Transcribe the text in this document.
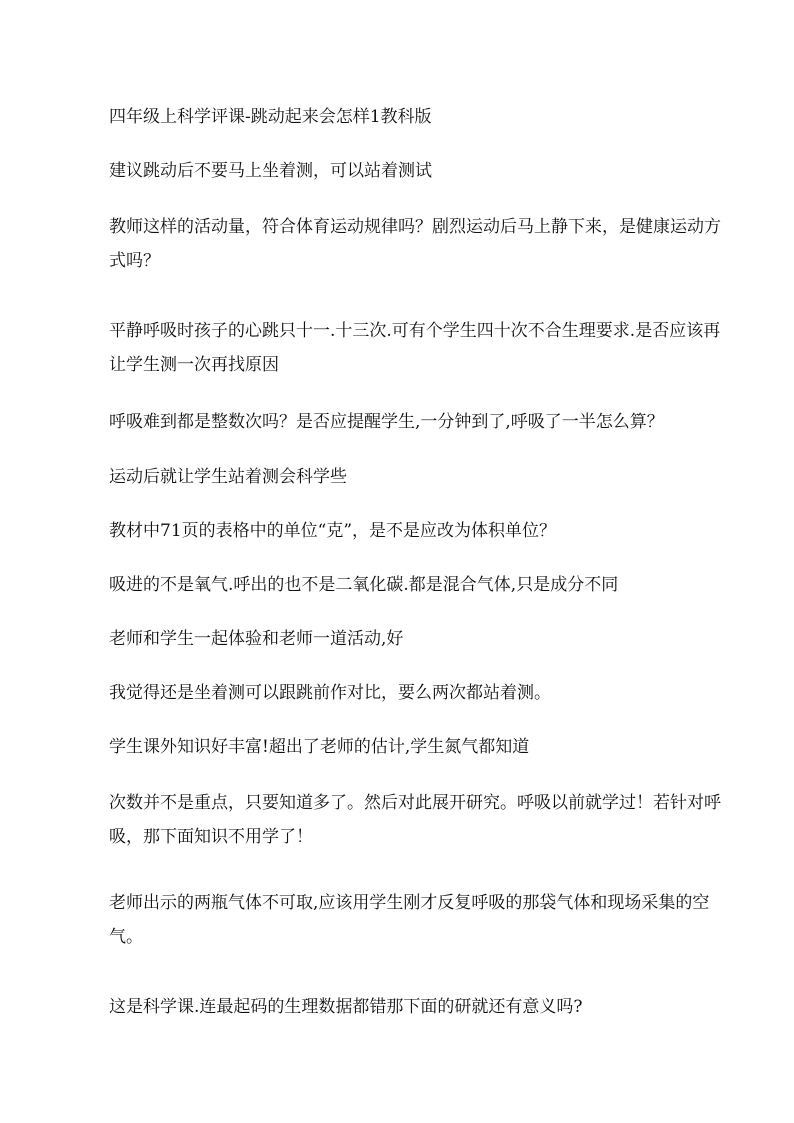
四年级上科学评课-跳动起来会怎样1教科版

建议跳动后不要马上坐着测，可以站着测试

教师这样的活动量，符合体育运动规律吗？剧烈运动后马上静下来，是健康运动方式吗？

平静呼吸时孩子的心跳只十一.十三次.可有个学生四十次不合生理要求.是否应该再让学生测一次再找原因

呼吸难到都是整数次吗？是否应提醒学生,一分钟到了,呼吸了一半怎么算？

运动后就让学生站着测会科学些

教材中71页的表格中的单位“克”，是不是应改为体积单位？

吸进的不是氧气.呼出的也不是二氧化碳.都是混合气体,只是成分不同

老师和学生一起体验和老师一道活动,好

我觉得还是坐着测可以跟跳前作对比，要么两次都站着测。

学生课外知识好丰富!超出了老师的估计,学生氮气都知道

次数并不是重点，只要知道多了。然后对此展开研究。呼吸以前就学过！若针对呼吸，那下面知识不用学了！

老师出示的两瓶气体不可取,应该用学生刚才反复呼吸的那袋气体和现场采集的空气。

这是科学课.连最起码的生理数据都错那下面的研就还有意义吗?
